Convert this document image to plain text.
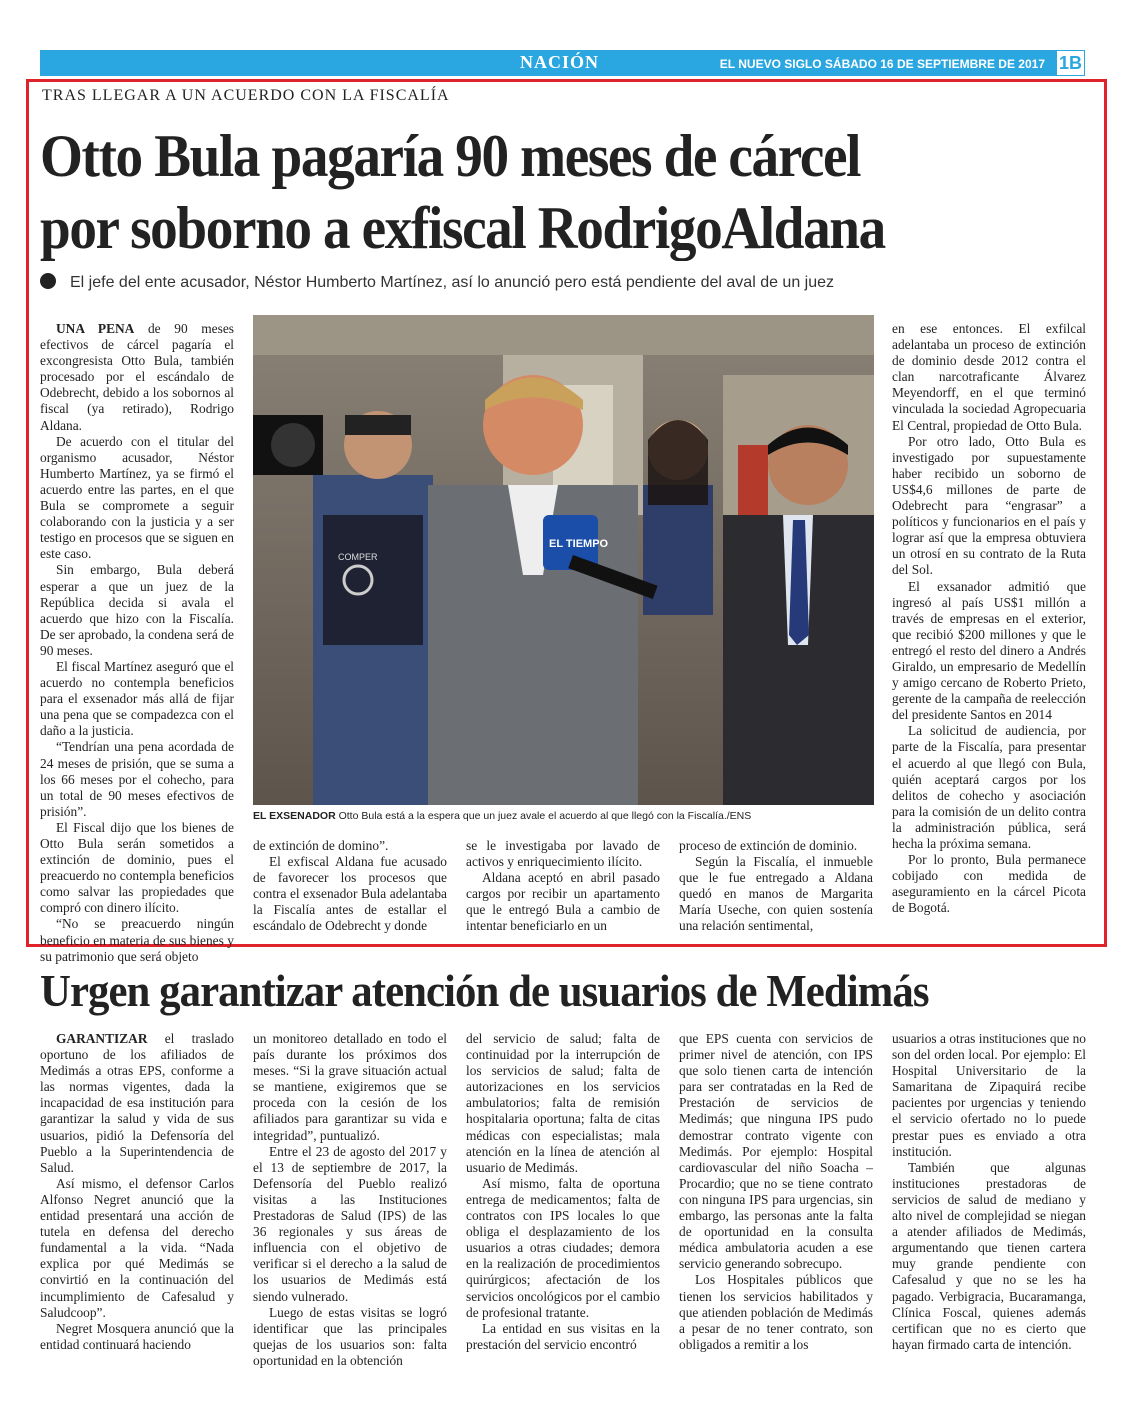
NACIÓN	EL NUEVO SIGLO SÁBADO 16 DE SEPTIEMBRE DE 2017 1B
TRAS LLEGAR A UN ACUERDO CON LA FISCALÍA
Otto Bula pagaría 90 meses de cárcel
por soborno a exfiscal RodrigoAldana
El jefe del ente acusador, Néstor Humberto Martínez, así lo anunció pero está pendiente del aval de un juez

UNA PENA de 90 meses efectivos de cárcel pagaría el excongresista Otto Bula, también procesado por el escándalo de Odebrecht, debido a los sobornos al fiscal (ya retirado), Rodrigo Aldana.

De acuerdo con el titular del organismo acusador, Néstor Humberto Martínez, ya se firmó el acuerdo entre las partes, en el que Bula se compromete a seguir colaborando con la justicia y a ser testigo en procesos que se siguen en este caso.

Sin embargo, Bula deberá esperar a que un juez de la República decida si avala el acuerdo que hizo con la Fiscalía. De ser aprobado, la condena será de 90 meses.

El fiscal Martínez aseguró que el acuerdo no contempla beneficios para el exsenador más allá de fijar una pena que se compadezca con el daño a la justicia.

“Tendrían una pena acordada de 24 meses de prisión, que se suma a los 66 meses por el cohecho, para un total de 90 meses efectivos de prisión”.

El Fiscal dijo que los bienes de Otto Bula serán sometidos a extinción de dominio, pues el preacuerdo no contempla beneficios como salvar las propiedades que compró con dinero ilícito.

“No se preacuerdo ningún beneficio en materia de sus bienes y su patrimonio que será objeto

de extinción de domino”.

El exfiscal Aldana fue acusado de favorecer los procesos que contra el exsenador Bula adelantaba la Fiscalía antes de estallar el escándalo de Odebrecht y donde

se le investigaba por lavado de activos y enriquecimiento ilícito.

Aldana aceptó en abril pasado cargos por recibir un apartamento que le entregó Bula a cambio de intentar beneficiarlo en un

proceso de extinción de dominio.

Según la Fiscalía, el inmueble que le fue entregado a Aldana quedó en manos de Margarita María Useche, con quien sostenía una relación sentimental,

en ese entonces. El exfilcal adelantaba un proceso de extinción de dominio desde 2012 contra el clan narcotraficante Álvarez Meyendorff, en el que terminó vinculada la sociedad Agropecuaria El Central, propiedad de Otto Bula.

Por otro lado, Otto Bula es investigado por supuestamente haber recibido un soborno de US$4,6 millones de parte de Odebrecht para “engrasar” a políticos y funcionarios en el país y lograr así que la empresa obtuviera un otrosí en su contrato de la Ruta del Sol.

El exsanador admitió que ingresó al país US$1 millón a través de empresas en el exterior, que recibió $200 millones y que le entregó el resto del dinero a Andrés Giraldo, un empresario de Medellín y amigo cercano de Roberto Prieto, gerente de la campaña de reelección del presidente Santos en 2014

La solicitud de audiencia, por parte de la Fiscalía, para presentar el acuerdo al que llegó con Bula, quién aceptará cargos por los delitos de cohecho y asociación para la comisión de un delito contra la administración pública, será hecha la próxima semana.

Por lo pronto, Bula permanece cobijado con medida de aseguramiento en la cárcel Picota de Bogotá.

EL TIEMPO
COMPER
EL EXSENADOR Otto Bula está a la espera que un juez avale el acuerdo al que llegó con la Fiscalía./ENS
Urgen garantizar atención de usuarios de Medimás

GARANTIZAR el traslado oportuno de los afiliados de Medimás a otras EPS, conforme a las normas vigentes, dada la incapacidad de esa institución para garantizar la salud y vida de sus usuarios, pidió la Defensoría del Pueblo a la Superintendencia de Salud.

Así mismo, el defensor Carlos Alfonso Negret anunció que la entidad presentará una acción de tutela en defensa del derecho fundamental a la vida. “Nada explica por qué Medimás se convirtió en la continuación del incumplimiento de Cafesalud y Saludcoop”.

Negret Mosquera anunció que la entidad continuará haciendo

un monitoreo detallado en todo el país durante los próximos dos meses. “Si la grave situación actual se mantiene, exigiremos que se proceda con la cesión de los afiliados para garantizar su vida e integridad”, puntualizó.

Entre el 23 de agosto del 2017 y el 13 de septiembre de 2017, la Defensoría del Pueblo realizó visitas a las Instituciones Prestadoras de Salud (IPS) de las 36 regionales y sus áreas de influencia con el objetivo de verificar si el derecho a la salud de los usuarios de Medimás está siendo vulnerado.

Luego de estas visitas se logró identificar que las principales quejas de los usuarios son: falta oportunidad en la obtención

del servicio de salud; falta de continuidad por la interrupción de los servicios de salud; falta de autorizaciones en los servicios ambulatorios; falta de remisión hospitalaria oportuna; falta de citas médicas con especialistas; mala atención en la línea de atención al usuario de Medimás.

Así mismo, falta de oportuna entrega de medicamentos; falta de contratos con IPS locales lo que obliga el desplazamiento de los usuarios a otras ciudades; demora en la realización de procedimientos quirúrgicos; afectación de los servicios oncológicos por el cambio de profesional tratante.

La entidad en sus visitas en la prestación del servicio encontró

que EPS cuenta con servicios de primer nivel de atención, con IPS que solo tienen carta de intención para ser contratadas en la Red de Prestación de servicios de Medimás; que ninguna IPS pudo demostrar contrato vigente con Medimás. Por ejemplo: Hospital cardiovascular del niño Soacha – Procardio; que no se tiene contrato con ninguna IPS para urgencias, sin embargo, las personas ante la falta de oportunidad en la consulta médica ambulatoria acuden a ese servicio generando sobrecupo.

Los Hospitales públicos que tienen los servicios habilitados y que atienden población de Medimás a pesar de no tener contrato, son obligados a remitir a los

usuarios a otras instituciones que no son del orden local. Por ejemplo: El Hospital Universitario de la Samaritana de Zipaquirá recibe pacientes por urgencias y teniendo el servicio ofertado no lo puede prestar pues es enviado a otra institución.

También que algunas instituciones prestadoras de servicios de salud de mediano y alto nivel de complejidad se niegan a atender afiliados de Medimás, argumentando que tienen cartera muy grande pendiente con Cafesalud y que no se les ha pagado. Verbigracia, Bucaramanga, Clínica Foscal, quienes además certifican que no es cierto que hayan firmado carta de intención.
